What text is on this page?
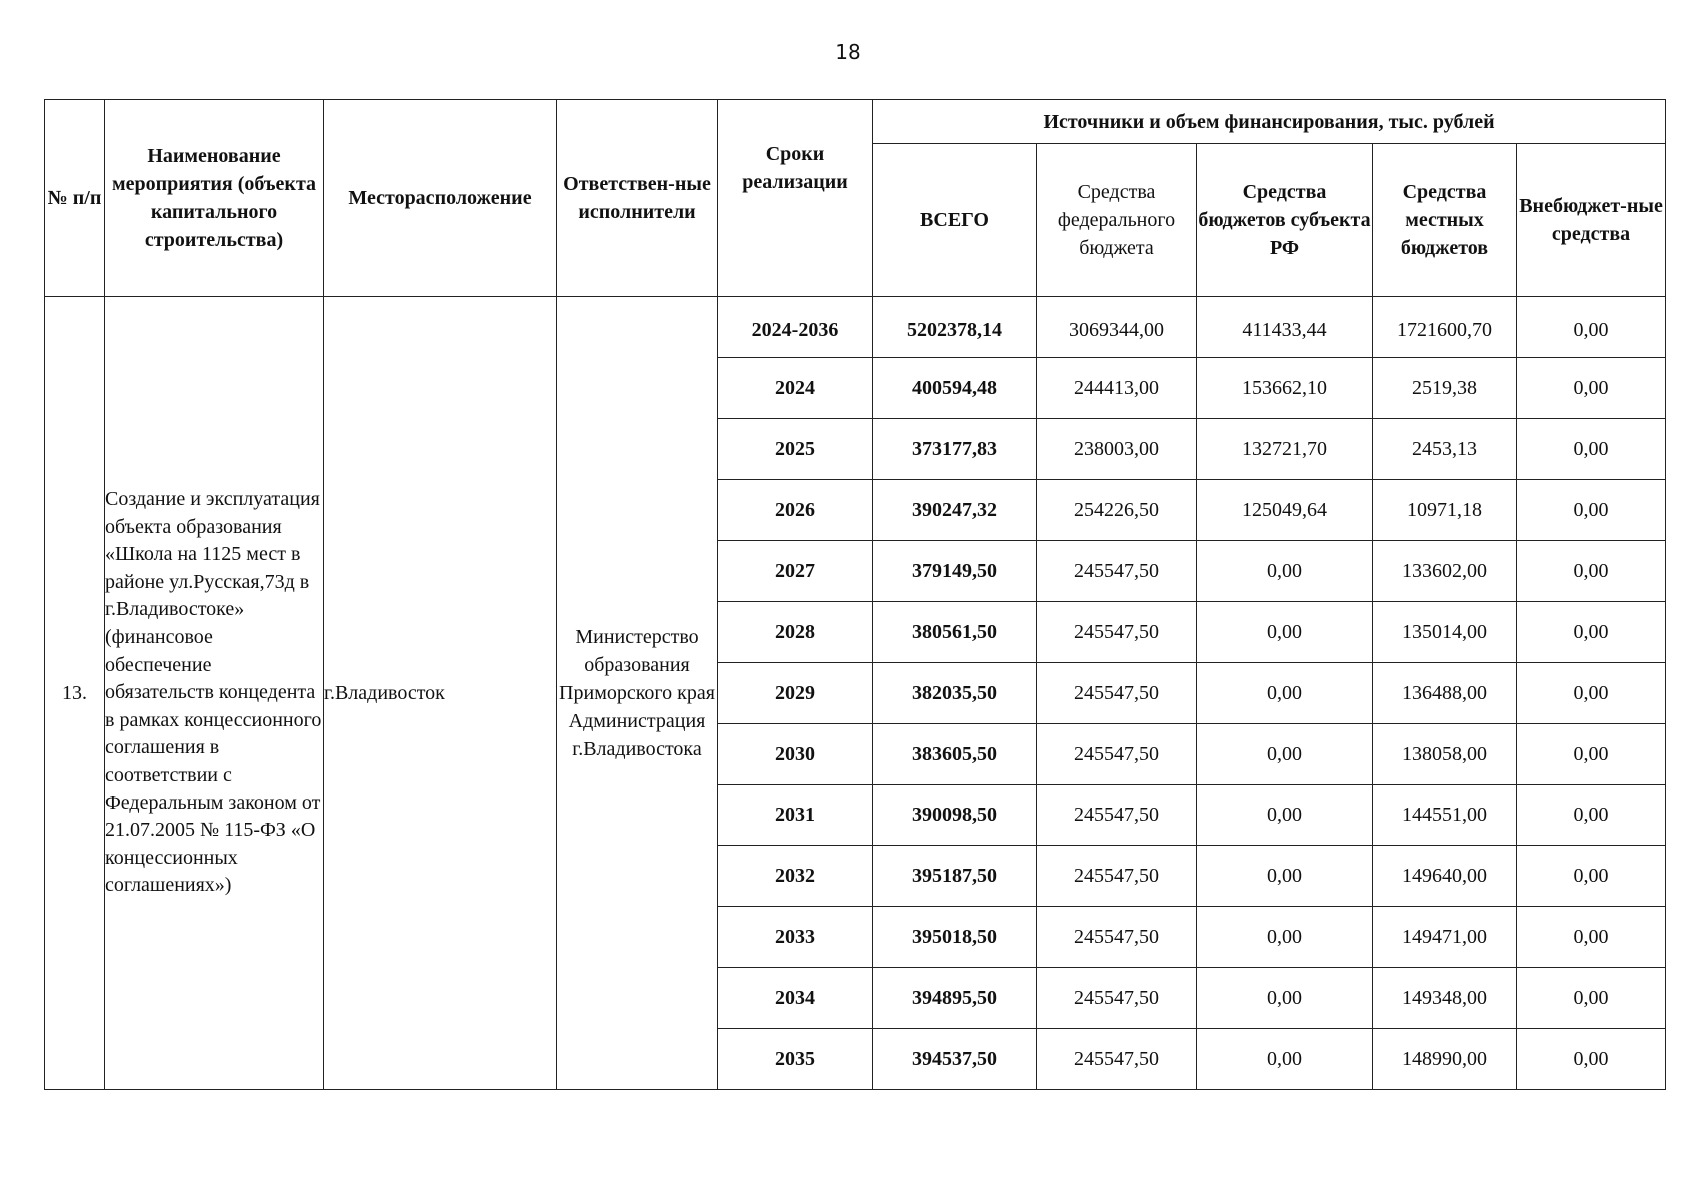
18
№ п/п	Наименование мероприятия (объекта капитального строительства)	Месторасположение	Ответствен-ные исполнители	Сроки реализации	Источники и объем финансирования, тыс. рублей				
					ВСЕГО	Средства федерального бюджета	Средства бюджетов субъекта РФ	Средства местных бюджетов	Внебюджет-ные средства
13.	Создание и эксплуатация объекта образования «Школа на 1125 мест в районе ул.Русская,73д в г.Владивостоке» (финансовое обеспечение обязательств концедента в рамках концессионного соглашения в соответствии с Федеральным законом от 21.07.2005 № 115-ФЗ «О концессионных соглашениях»)	г.Владивосток	Министерство образования Приморского края Администрация г.Владивостока	2024-2036	5202378,14	3069344,00	411433,44	1721600,70	0,00
				2024	400594,48	244413,00	153662,10	2519,38	0,00
				2025	373177,83	238003,00	132721,70	2453,13	0,00
				2026	390247,32	254226,50	125049,64	10971,18	0,00
				2027	379149,50	245547,50	0,00	133602,00	0,00
				2028	380561,50	245547,50	0,00	135014,00	0,00
				2029	382035,50	245547,50	0,00	136488,00	0,00
				2030	383605,50	245547,50	0,00	138058,00	0,00
				2031	390098,50	245547,50	0,00	144551,00	0,00
				2032	395187,50	245547,50	0,00	149640,00	0,00
				2033	395018,50	245547,50	0,00	149471,00	0,00
				2034	394895,50	245547,50	0,00	149348,00	0,00
				2035	394537,50	245547,50	0,00	148990,00	0,00
